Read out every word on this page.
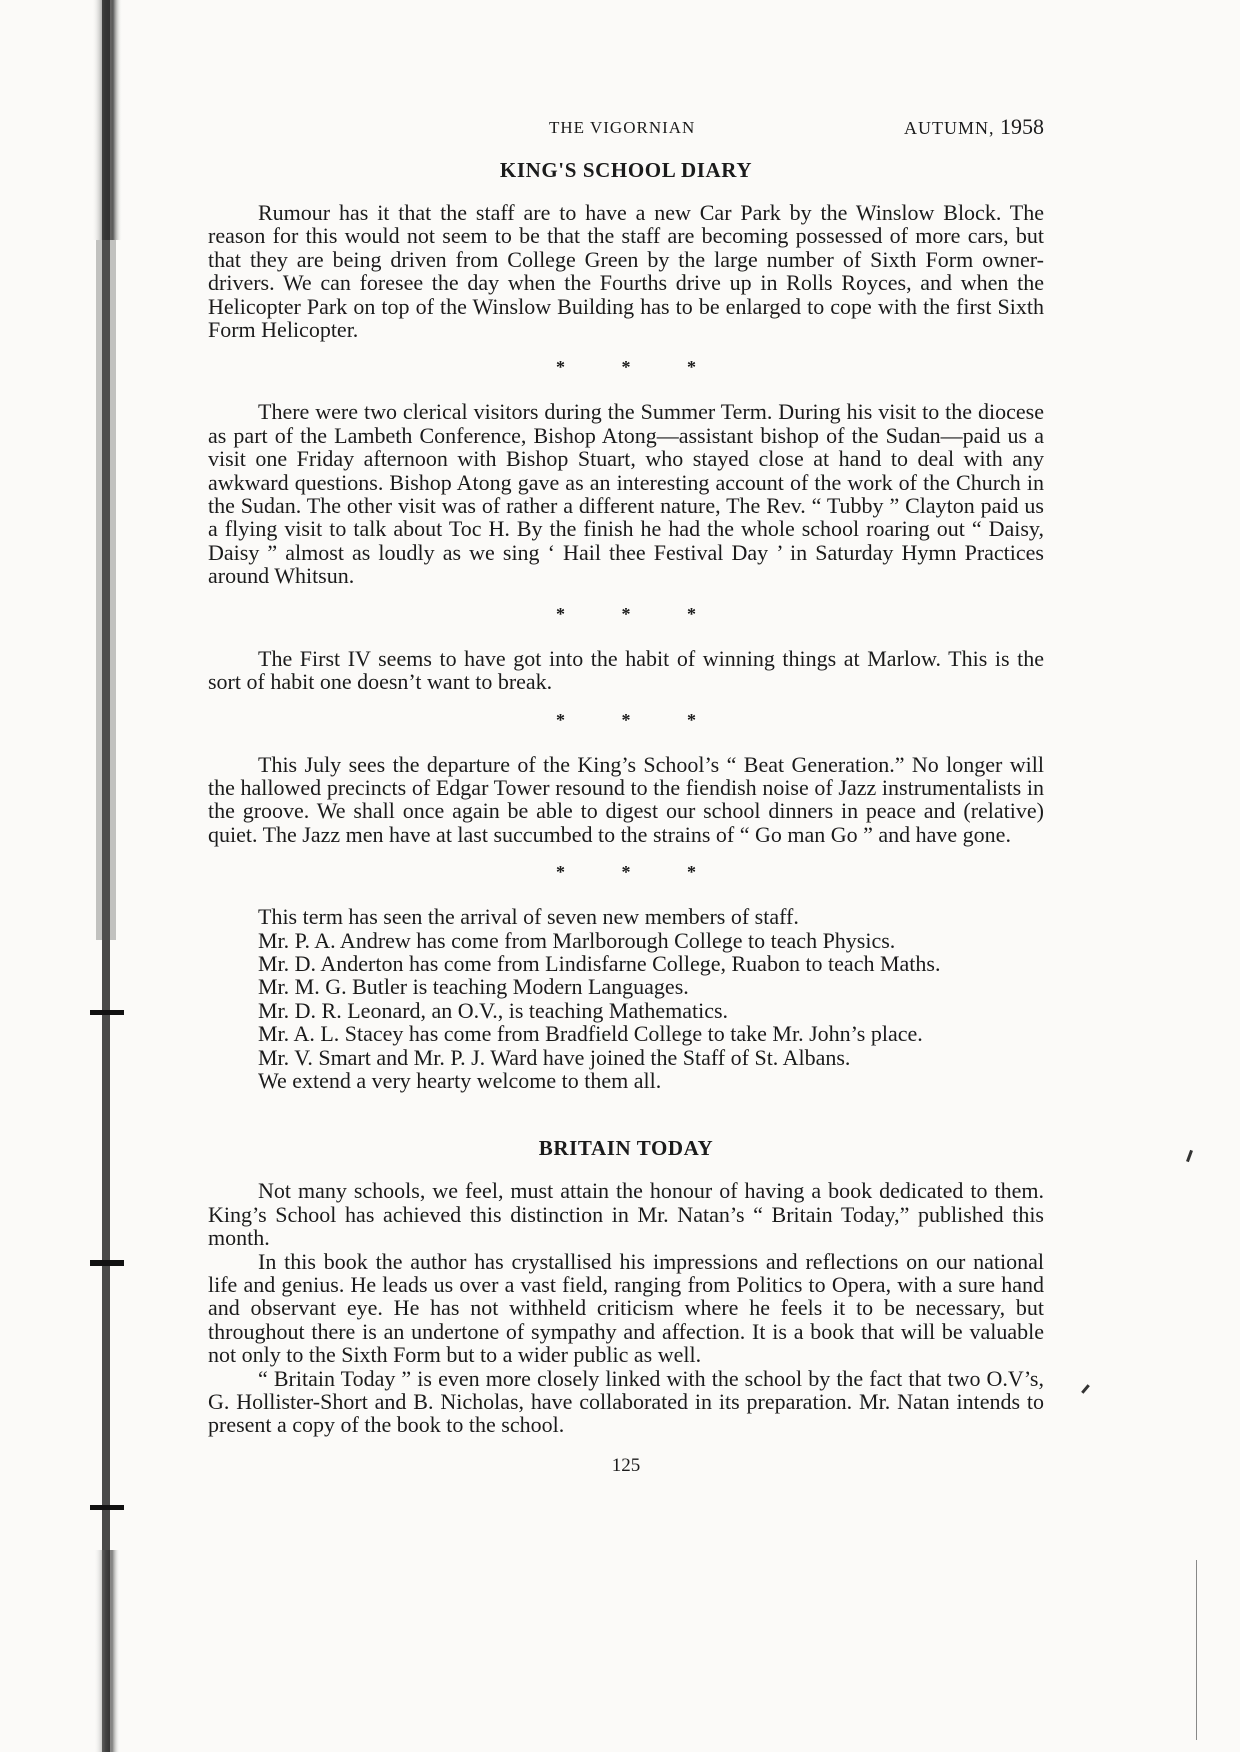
THE VIGORNIAN	AUTUMN, 1958
KING'S SCHOOL DIARY

Rumour has it that the staff are to have a new Car Park by the Winslow Block. The reason for this would not seem to be that the staff are becoming possessed of more cars, but that they are being driven from College Green by the large number of Sixth Form owner-drivers. We can foresee the day when the Fourths drive up in Rolls Royces, and when the Helicopter Park on top of the Winslow Building has to be enlarged to cope with the first Sixth Form Helicopter.

* * *

There were two clerical visitors during the Summer Term. During his visit to the diocese as part of the Lambeth Conference, Bishop Atong—assistant bishop of the Sudan—paid us a visit one Friday afternoon with Bishop Stuart, who stayed close at hand to deal with any awkward questions. Bishop Atong gave as an interesting account of the work of the Church in the Sudan. The other visit was of rather a different nature, The Rev. “ Tubby ” Clayton paid us a flying visit to talk about Toc H. By the finish he had the whole school roaring out “ Daisy, Daisy ” almost as loudly as we sing ‘ Hail thee Festival Day ’ in Saturday Hymn Practices around Whitsun.

* * *

The First IV seems to have got into the habit of winning things at Marlow. This is the sort of habit one doesn’t want to break.

* * *

This July sees the departure of the King’s School’s “ Beat Generation.” No longer will the hallowed precincts of Edgar Tower resound to the fiendish noise of Jazz instrumentalists in the groove. We shall once again be able to digest our school dinners in peace and (relative) quiet. The Jazz men have at last succumbed to the strains of “ Go man Go ” and have gone.

* * *

This term has seen the arrival of seven new members of staff.

Mr. P. A. Andrew has come from Marlborough College to teach Physics.

Mr. D. Anderton has come from Lindisfarne College, Ruabon to teach Maths.

Mr. M. G. Butler is teaching Modern Languages.

Mr. D. R. Leonard, an O.V., is teaching Mathematics.

Mr. A. L. Stacey has come from Bradfield College to take Mr. John’s place.

Mr. V. Smart and Mr. P. J. Ward have joined the Staff of St. Albans.

We extend a very hearty welcome to them all.

BRITAIN TODAY

Not many schools, we feel, must attain the honour of having a book dedicated to them. King’s School has achieved this distinction in Mr. Natan’s “ Britain Today,” published this month.

In this book the author has crystallised his impressions and reflections on our national life and genius. He leads us over a vast field, ranging from Politics to Opera, with a sure hand and observant eye. He has not withheld criticism where he feels it to be necessary, but throughout there is an undertone of sympathy and affection. It is a book that will be valuable not only to the Sixth Form but to a wider public as well.

“ Britain Today ” is even more closely linked with the school by the fact that two O.V’s, G. Hollister-Short and B. Nicholas, have collaborated in its preparation. Mr. Natan intends to present a copy of the book to the school.

125
